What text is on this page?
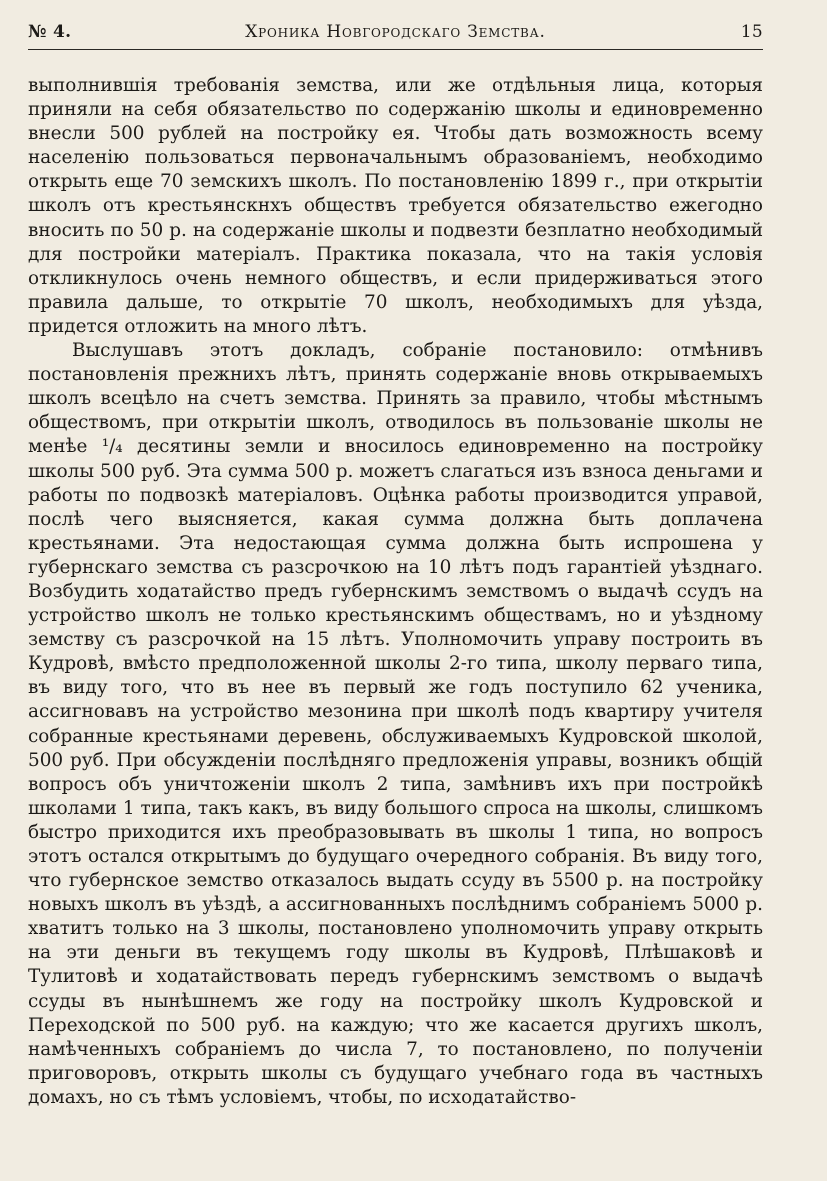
№ 4.	Хроника Новгородскаго Земства.	15

выполнившія требованія земства, или же отдѣльныя лица, которыя приняли на себя обязательство по содержанію школы и единовременно внесли 500 рублей на постройку ея. Чтобы дать возможность всему населенію пользоваться первоначальнымъ образованіемъ, необходимо открыть еще 70 земскихъ школъ. По постановленію 1899 г., при открытіи школъ отъ крестьянскнхъ обществъ требуется обязательство ежегодно вносить по 50 р. на содержаніе школы и подвезти безплатно необходимый для постройки матеріалъ. Практика показала, что на такія условія откликнулось очень немного обществъ, и если придерживаться этого правила дальше, то открытіе 70 школъ, необходимыхъ для уѣзда, придется отложить на много лѣтъ.

Выслушавъ этотъ докладъ, собраніе постановило: отмѣнивъ постановленія прежнихъ лѣтъ, принять содержаніе вновь открываемыхъ школъ всецѣло на счетъ земства. Принять за правило, чтобы мѣстнымъ обществомъ, при открытіи школъ, отводилось въ пользованіе школы не менѣе ¹/₄ десятины земли и вносилось единовременно на постройку школы 500 руб. Эта сумма 500 р. можетъ слагаться изъ взноса деньгами и работы по подвозкѣ матеріаловъ. Оцѣнка работы производится управой, послѣ чего выясняется, какая сумма должна быть доплачена крестьянами. Эта недостающая сумма должна быть испрошена у губернскаго земства съ разсрочкою на 10 лѣтъ подъ гарантіей уѣзднаго. Возбудить ходатайство предъ губернскимъ земствомъ о выдачѣ ссудъ на устройство школъ не только крестьянскимъ обществамъ, но и уѣздному земству съ разсрочкой на 15 лѣтъ. Уполномочить управу построить въ Кудровѣ, вмѣсто предположенной школы 2-го типа, школу перваго типа, въ виду того, что въ нее въ первый же годъ поступило 62 ученика, ассигновавъ на устройство мезонина при школѣ подъ квартиру учителя собранные крестьянами деревень, обслуживаемыхъ Кудровской школой, 500 руб. При обсужденіи послѣдняго предложенія управы, возникъ общій вопросъ объ уничтоженіи школъ 2 типа, замѣнивъ ихъ при постройкѣ школами 1 типа, такъ какъ, въ виду большого спроса на школы, слишкомъ быстро приходится ихъ преобразовывать въ школы 1 типа, но вопросъ этотъ остался открытымъ до будущаго очередного собранія. Въ виду того, что губернское земство отказалось выдать ссуду въ 5500 р. на постройку новыхъ школъ въ уѣздѣ, а ассигнованныхъ послѣднимъ собраніемъ 5000 р. хватитъ только на 3 школы, постановлено уполномочить управу открыть на эти деньги въ текущемъ году школы въ Кудровѣ, Плѣшаковѣ и Тулитовѣ и ходатайствовать передъ губернскимъ земствомъ о выдачѣ ссуды въ нынѣшнемъ же году на постройку школъ Кудровской и Переходской по 500 руб. на каждую; что же касается другихъ школъ, намѣченныхъ собраніемъ до числа 7, то постановлено, по полученіи приговоровъ, открыть школы съ будущаго учебнаго года въ частныхъ домахъ, но съ тѣмъ условіемъ, чтобы, по исходатайство-
